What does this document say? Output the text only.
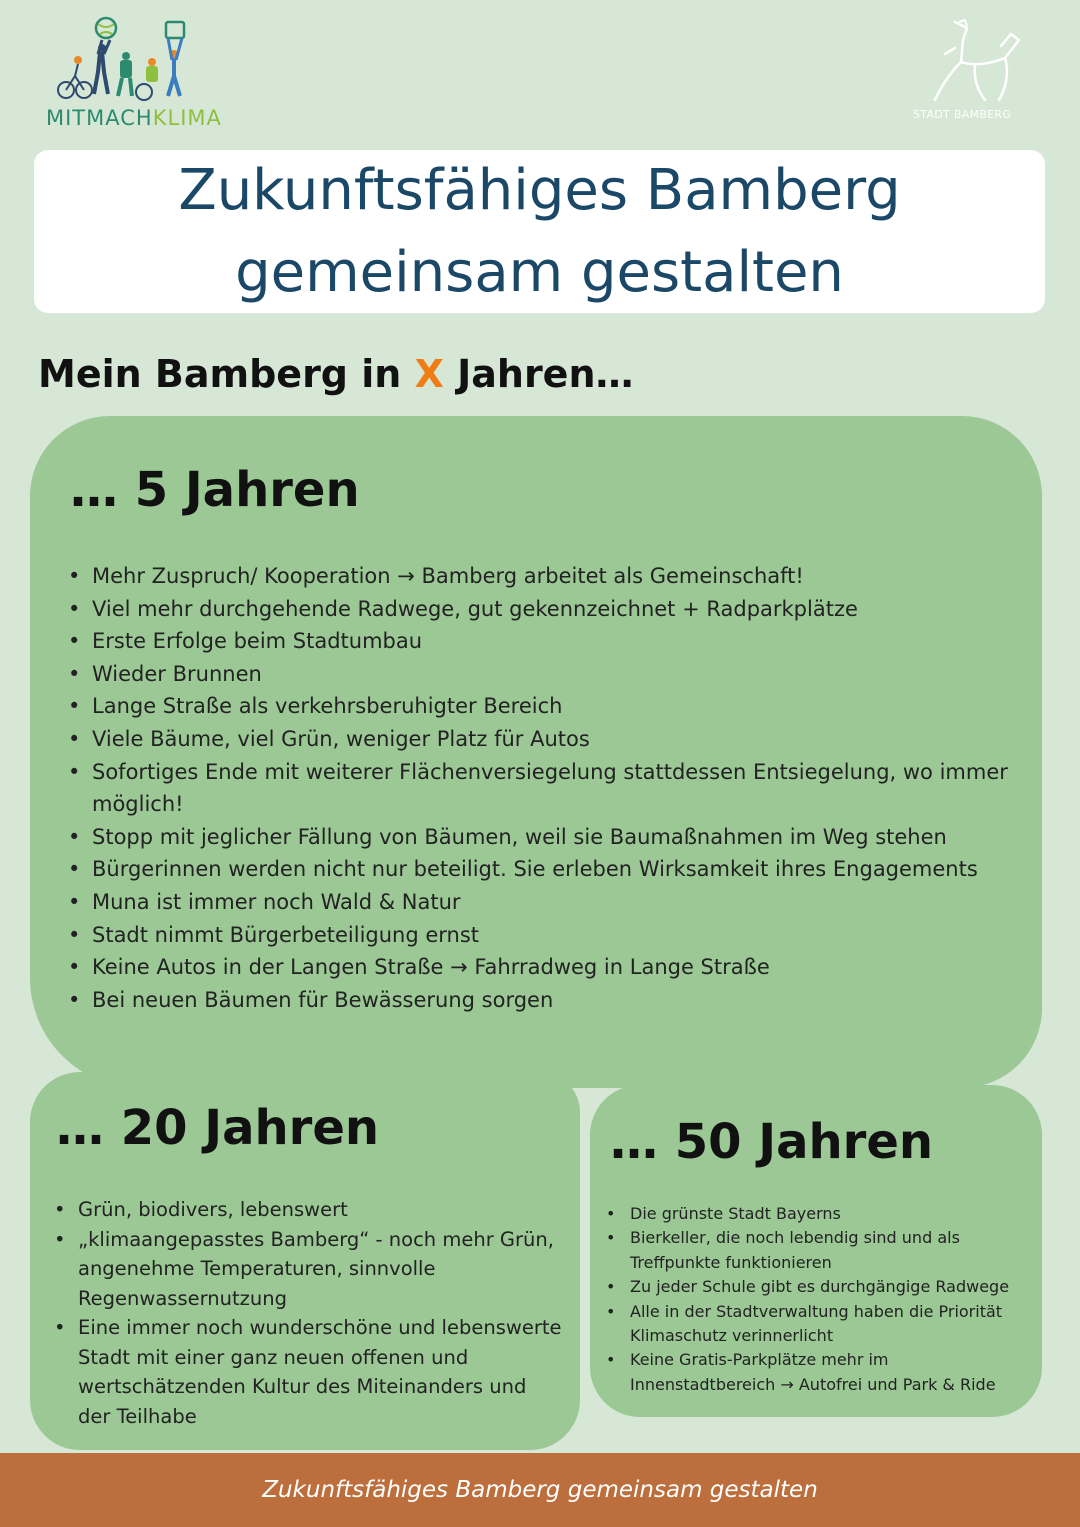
MITMACHKLIMA	STADT BAMBERG
Zukunftsfähiges Bamberg
gemeinsam gestalten
Mein Bamberg in X Jahren…
… 5 Jahren
• Mehr Zuspruch/ Kooperation → Bamberg arbeitet als Gemeinschaft!
• Viel mehr durchgehende Radwege, gut gekennzeichnet + Radparkplätze
• Erste Erfolge beim Stadtumbau
• Wieder Brunnen
• Lange Straße als verkehrsberuhigter Bereich
• Viele Bäume, viel Grün, weniger Platz für Autos
• Sofortiges Ende mit weiterer Flächenversiegelung stattdessen Entsiegelung, wo immer möglich!
• Stopp mit jeglicher Fällung von Bäumen, weil sie Baumaßnahmen im Weg stehen
• Bürgerinnen werden nicht nur beteiligt. Sie erleben Wirksamkeit ihres Engagements
• Muna ist immer noch Wald & Natur
• Stadt nimmt Bürgerbeteiligung ernst
• Keine Autos in der Langen Straße → Fahrradweg in Lange Straße
• Bei neuen Bäumen für Bewässerung sorgen
… 20 Jahren
• Grün, biodivers, lebenswert
• „klimaangepasstes Bamberg“ - noch mehr Grün, angenehme Temperaturen, sinnvolle Regenwassernutzung
• Eine immer noch wunderschöne und lebenswerte Stadt mit einer ganz neuen offenen und wertschätzenden Kultur des Miteinanders und der Teilhabe
… 50 Jahren
• Die grünste Stadt Bayerns
• Bierkeller, die noch lebendig sind und als Treffpunkte funktionieren
• Zu jeder Schule gibt es durchgängige Radwege
• Alle in der Stadtverwaltung haben die Priorität Klimaschutz verinnerlicht
• Keine Gratis-Parkplätze mehr im Innenstadtbereich → Autofrei und Park & Ride
Zukunftsfähiges Bamberg gemeinsam gestalten
